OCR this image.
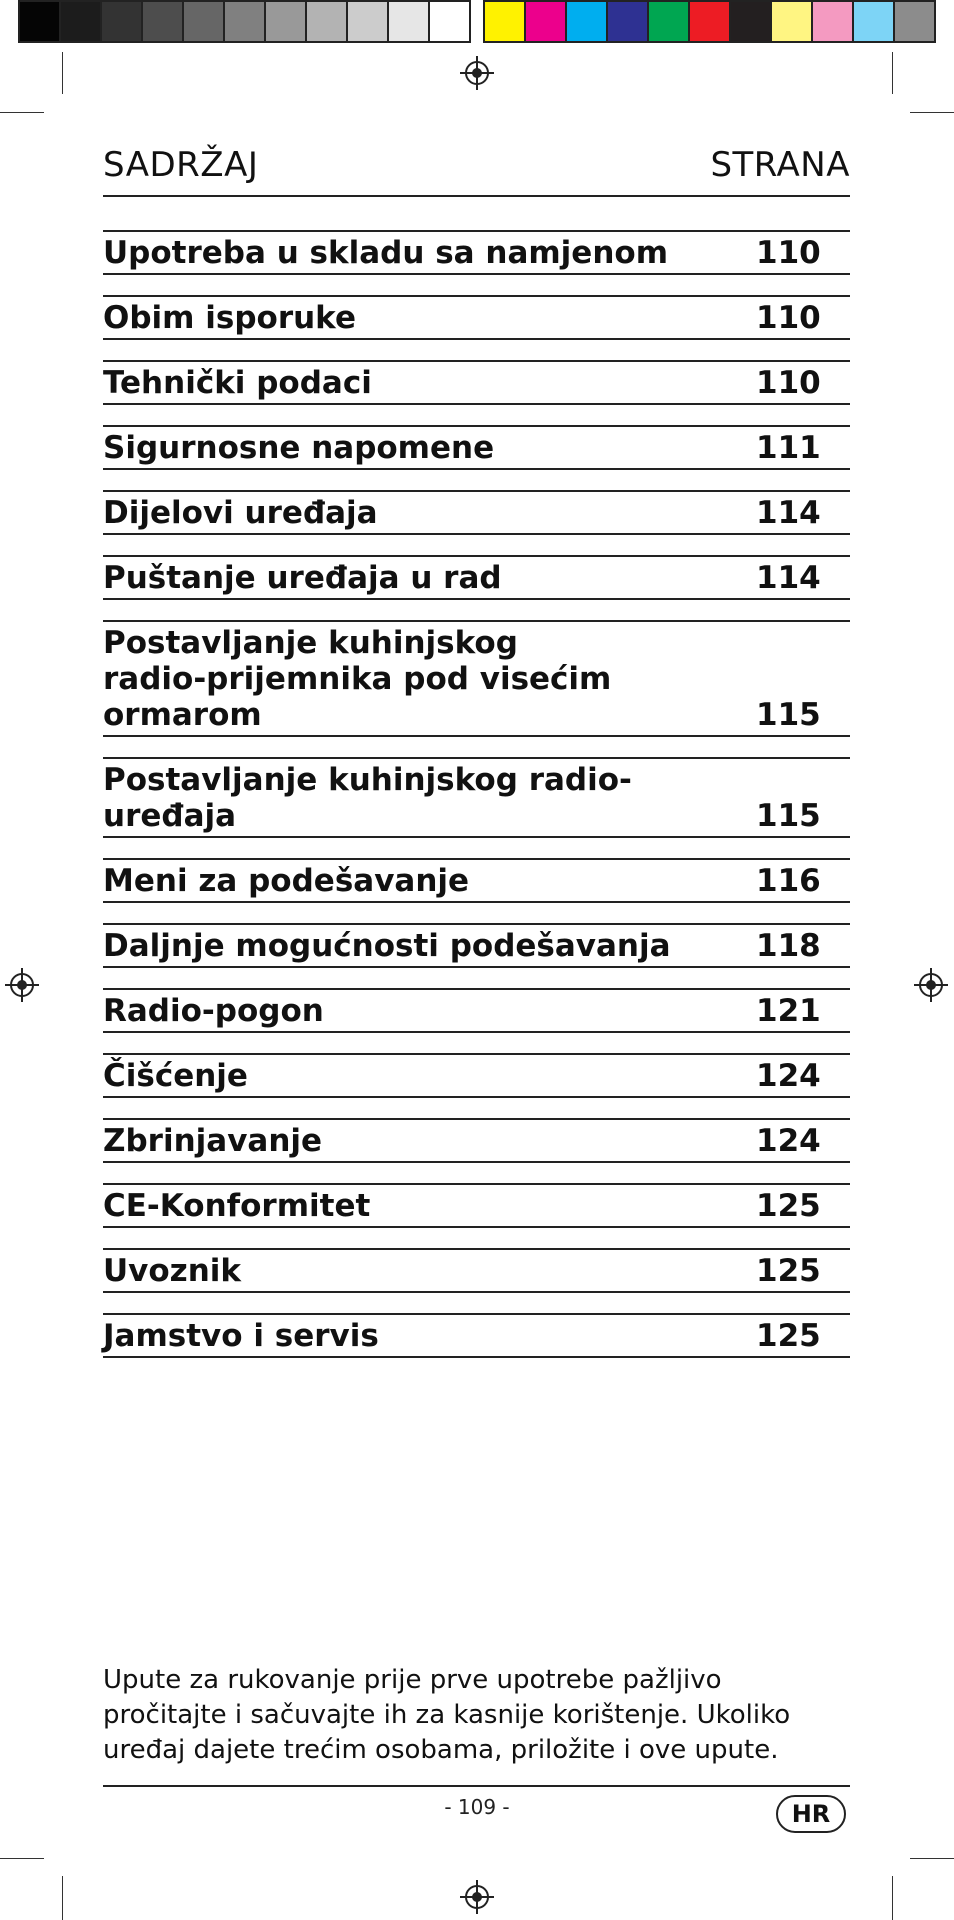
SADRŽAJ	STRANA
Upotreba u skladu sa namjenom	110
Obim isporuke	110
Tehnički podaci	110
Sigurnosne napomene	111
Dijelovi uređaja	114
Puštanje uređaja u rad	114
Postavljanje kuhinjskog
radio-prijemnika pod visećim ormarom	115
Postavljanje kuhinjskog radio-uređaja	115
Meni za podešavanje	116
Daljnje mogućnosti podešavanja	118
Radio-pogon	121
Čišćenje	124
Zbrinjavanje	124
CE-Konformitet	125
Uvoznik	125
Jamstvo i servis	125
Upute za rukovanje prije prve upotrebe pažljivo pročitajte i sačuvajte ih za kasnije korištenje. Ukoliko uređaj dajete trećim osobama, priložite i ove upute.
- 109 -	HR
